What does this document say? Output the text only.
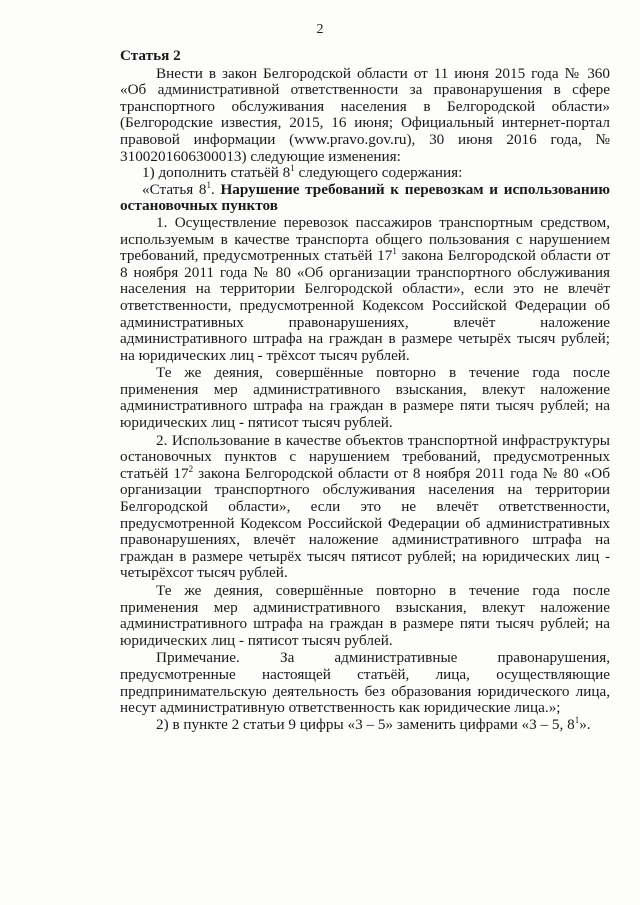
2

Статья 2

Внести в закон Белгородской области от 11 июня 2015 года № 360 «Об административной ответственности за правонарушения в сфере транспортного обслуживания населения в Белгородской области» (Белгородские известия, 2015, 16 июня; Официальный интернет-портал правовой информации (www.pravo.gov.ru), 30 июня 2016 года, № 3100201606300013) следующие изменения:

1) дополнить статьёй $8^1$ следующего содержания:

«Статья $8^1$. Нарушение требований к перевозкам и использованию остановочных пунктов

1. Осуществление перевозок пассажиров транспортным средством, используемым в качестве транспорта общего пользования с нарушением требований, предусмотренных статьёй $17^1$ закона Белгородской области от 8 ноября 2011 года № 80 «Об организации транспортного обслуживания населения на территории Белгородской области», если это не влечёт ответственности, предусмотренной Кодексом Российской Федерации об административных правонарушениях, влечёт наложение административного штрафа на граждан в размере четырёх тысяч рублей; на юридических лиц - трёхсот тысяч рублей.

Те же деяния, совершённые повторно в течение года после применения мер административного взыскания, влекут наложение административного штрафа на граждан в размере пяти тысяч рублей; на юридических лиц - пятисот тысяч рублей.

2. Использование в качестве объектов транспортной инфраструктуры остановочных пунктов с нарушением требований, предусмотренных статьёй $17^2$ закона Белгородской области от 8 ноября 2011 года № 80 «Об организации транспортного обслуживания населения на территории Белгородской области», если это не влечёт ответственности, предусмотренной Кодексом Российской Федерации об административных правонарушениях, влечёт наложение административного штрафа на граждан в размере четырёх тысяч пятисот рублей; на юридических лиц - четырёхсот тысяч рублей.

Те же деяния, совершённые повторно в течение года после применения мер административного взыскания, влекут наложение административного штрафа на граждан в размере пяти тысяч рублей; на юридических лиц - пятисот тысяч рублей.

Примечание. За административные правонарушения, предусмотренные настоящей статьёй, лица, осуществляющие предпринимательскую деятельность без образования юридического лица, несут административную ответственность как юридические лица.»;

2) в пункте 2 статьи 9 цифры «3 – 5» заменить цифрами «3 – 5, $8^1$».
